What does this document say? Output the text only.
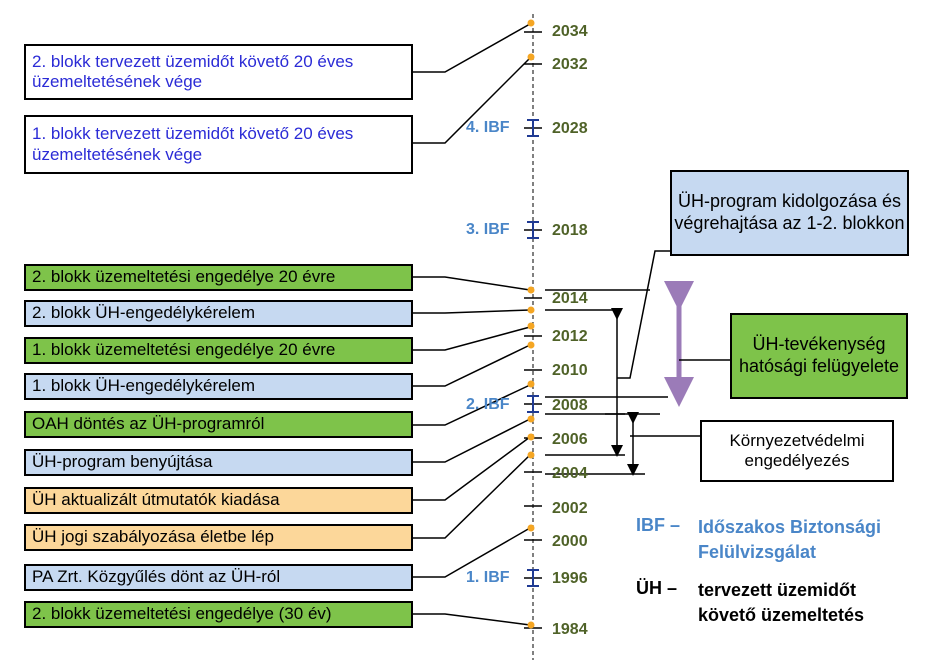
2034
2032
2028
2018
2014
2012
2010
2008
2006
2004
2002
2000
1996
1984
4. IBF
3. IBF
2. IBF
1. IBF
2. blokk tervezett üzemidőt követő 20 éves üzemeltetésének vége
1. blokk tervezett üzemidőt követő 20 éves üzemeltetésének vége
2. blokk üzemeltetési engedélye 20 évre
2. blokk ÜH-engedélykérelem
1. blokk üzemeltetési engedélye 20 évre
1. blokk ÜH-engedélykérelem
OAH döntés az ÜH-programról
ÜH-program benyújtása
ÜH aktualizált útmutatók kiadása
ÜH jogi szabályozása életbe lép
PA Zrt. Közgyűlés dönt az ÜH-ról
2. blokk üzemeltetési engedélye (30 év)
ÜH-program kidolgozása és végrehajtása az 1-2. blokkon
ÜH-tevékenység hatósági felügyelete
Környezetvédelmi engedélyezés
IBF – Időszakos Biztonsági Felülvizsgálat
ÜH – tervezett üzemidőt követő üzemeltetés
